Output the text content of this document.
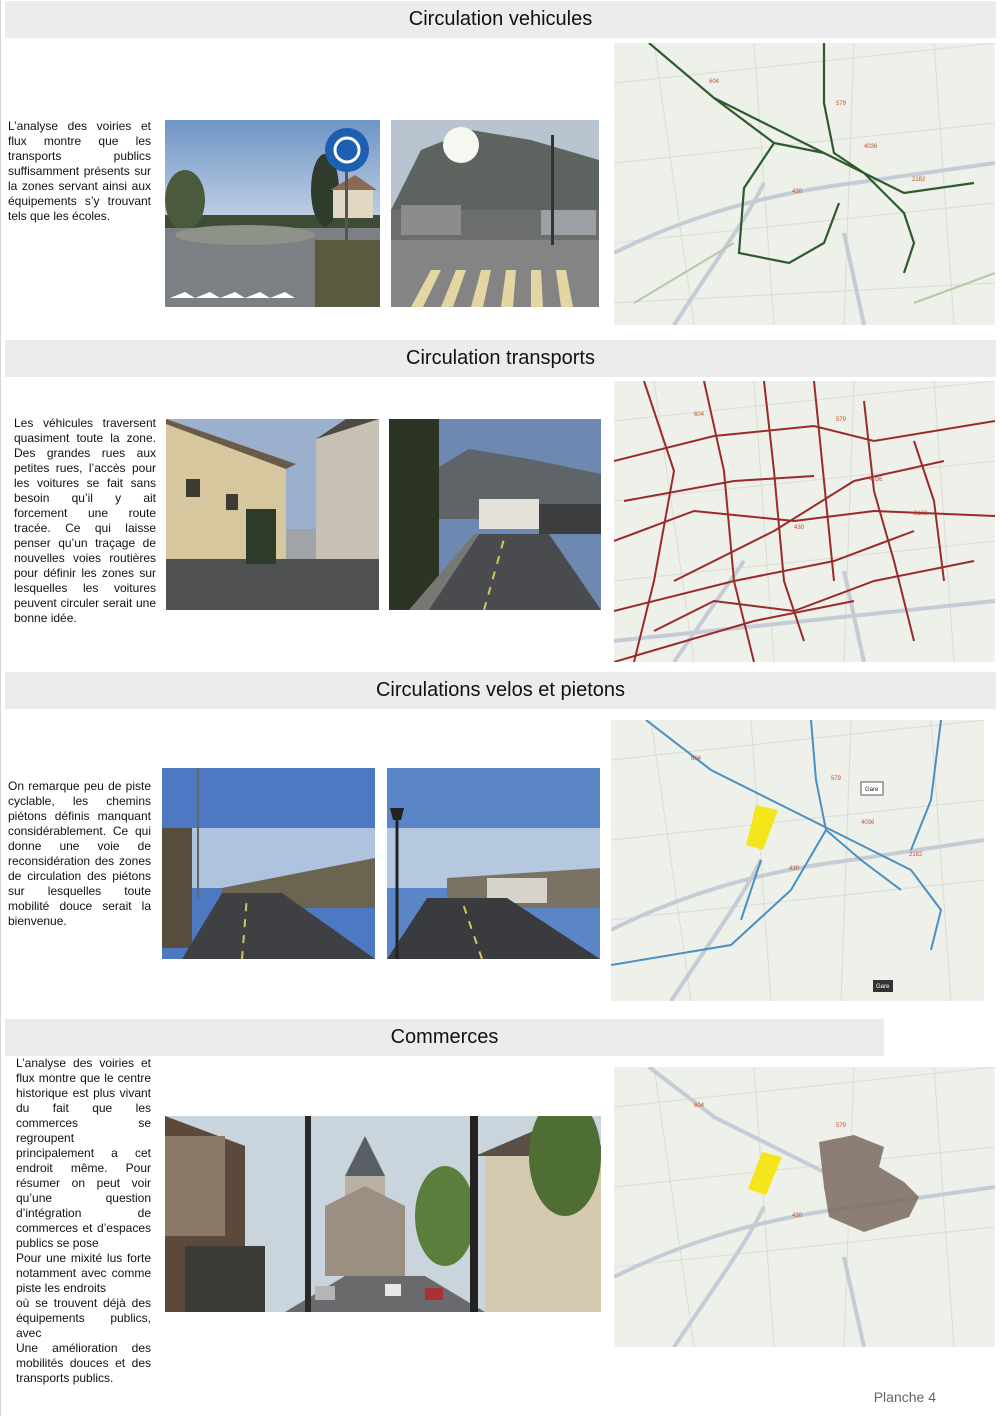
Circulation vehicules

L’analyse des voiries et flux montre que les transports publics suffisamment présents sur la zones servant ainsi aux équipements s’y trouvant tels que les écoles.

604
579
4036
2182
430
Circulation transports

Les véhicules traversent quasiment toute la zone. Des grandes rues aux petites rues, l’accès pour les voitures se fait sans besoin qu’il y ait forcement une route tracée. Ce qui laisse penser qu’un traçage de nouvelles voies routières pour définir les zones sur lesquelles les voitures peuvent circuler serait une bonne idée.

604
579
4036
2182
430
Circulations velos et pietons

On remarque peu de piste cyclable, les chemins piétons définis manquant considérablement. Ce qui donne une voie de reconsidération des zones de circulation des piétons sur lesquelles toute mobilité douce serait la bienvenue.

604
579
4036
2182
430
Gare
Gare
Commerces

L’analyse des voiries et flux montre que le centre historique est plus vivant du fait que les commerces se regroupent principalement a cet endroit même. Pour résumer on peut voir qu’une question d’intégration de commerces et d’espaces publics se pose

Pour une mixité lus forte notamment avec comme piste les endroits

où se trouvent déjà des équipements publics, avec

Une amélioration des mobilités douces et des transports publics.

604
579
430
Planche 4
